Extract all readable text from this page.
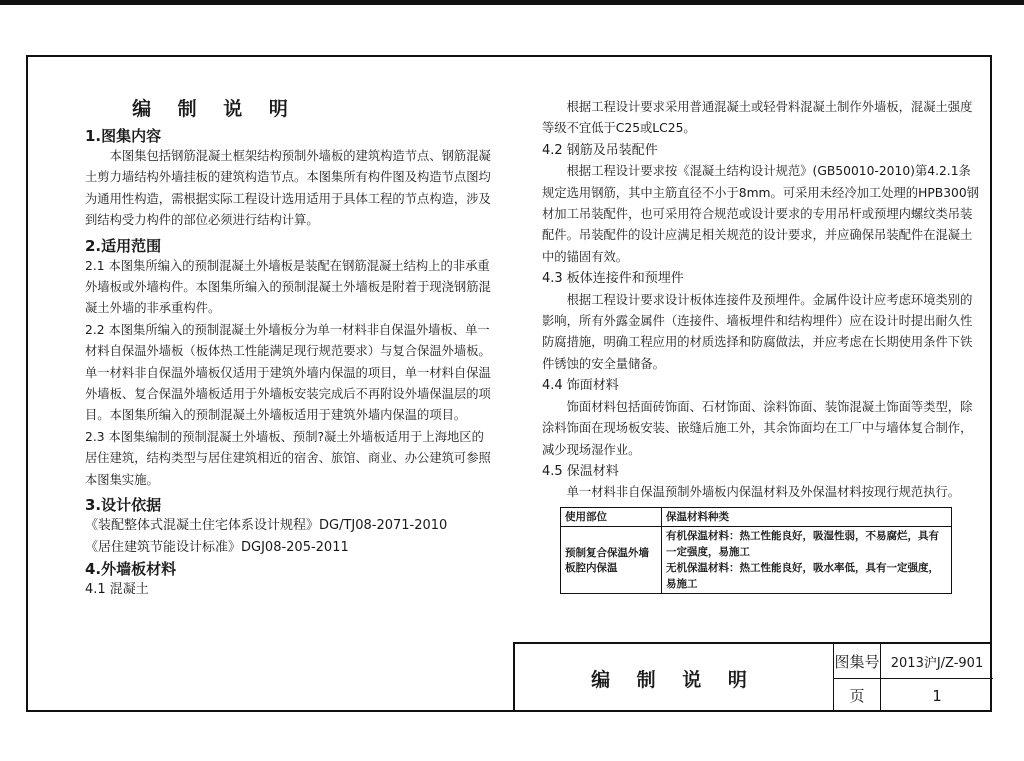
编 制 说 明
1.图集内容

本图集包括钢筋混凝土框架结构预制外墙板的建筑构造节点、钢筋混凝土剪力墙结构外墙挂板的建筑构造节点。本图集所有构件图及构造节点图均为通用性构造，需根据实际工程设计选用适用于具体工程的节点构造，涉及到结构受力构件的部位必须进行结构计算。

2.适用范围

2.1 本图集所编入的预制混凝土外墙板是装配在钢筋混凝土结构上的非承重外墙板或外墙构件。本图集所编入的预制混凝土外墙板是附着于现浇钢筋混凝土外墙的非承重构件。

2.2 本图集所编入的预制混凝土外墙板分为单一材料非自保温外墙板、单一材料自保温外墙板（板体热工性能满足现行规范要求）与复合保温外墙板。单一材料非自保温外墙板仅适用于建筑外墙内保温的项目，单一材料自保温外墙板、复合保温外墙板适用于外墙板安装完成后不再附设外墙保温层的项目。本图集所编入的预制混凝土外墙板适用于建筑外墙内保温的项目。

2.3 本图集编制的预制混凝土外墙板、预制?凝土外墙板适用于上海地区的居住建筑，结构类型与居住建筑相近的宿舍、旅馆、商业、办公建筑可参照本图集实施。

3.设计依据

《装配整体式混凝土住宅体系设计规程》DG/TJ08-2071-2010

《居住建筑节能设计标准》DGJ08-205-2011

4.外墙板材料

4.1 混凝土

根据工程设计要求采用普通混凝土或轻骨料混凝土制作外墙板，混凝土强度等级不宜低于C25或LC25。

4.2 钢筋及吊装配件

根据工程设计要求按《混凝土结构设计规范》(GB50010-2010)第4.2.1条规定选用钢筋，其中主筋直径不小于8mm。可采用未经冷加工处理的HPB300钢材加工吊装配件，也可采用符合规范或设计要求的专用吊杆或预埋内螺纹类吊装配件。吊装配件的设计应满足相关规范的设计要求，并应确保吊装配件在混凝土中的锚固有效。

4.3 板体连接件和预埋件

根据工程设计要求设计板体连接件及预埋件。金属件设计应考虑环境类别的影响，所有外露金属件（连接件、墙板埋件和结构埋件）应在设计时提出耐久性防腐措施，明确工程应用的材质选择和防腐做法，并应考虑在长期使用条件下铁件锈蚀的安全量储备。

4.4 饰面材料

饰面材料包括面砖饰面、石材饰面、涂料饰面、装饰混凝土饰面等类型，除涂料饰面在现场板安装、嵌缝后施工外，其余饰面均在工厂中与墙体复合制作，减少现场湿作业。

4.5 保温材料

单一材料非自保温预制外墙板内保温材料及外保温材料按现行规范执行。

使用部位	保温材料种类
预制复合保温外墙板腔内保温	有机保温材料：热工性能良好，吸湿性弱，不易腐烂，具有一定强度，易施工
无机保温材料：热工性能良好，吸水率低，具有一定强度，易施工
编 制 说 明
图集号 2013沪J/Z-901
页	1
